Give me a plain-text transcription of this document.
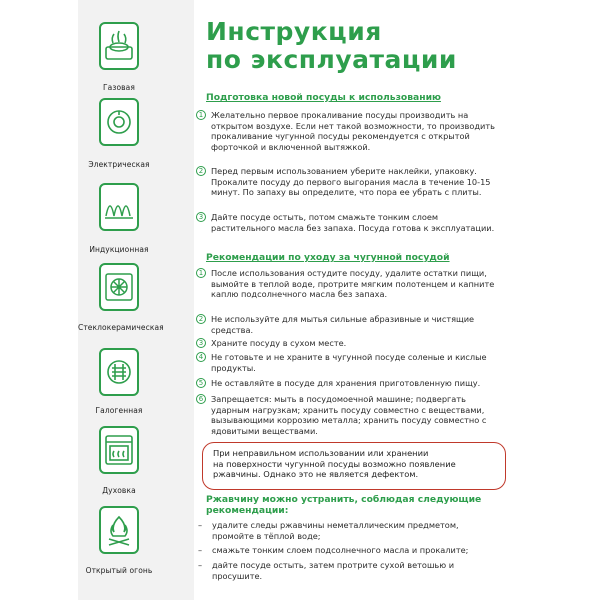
Газовая
Электрическая
Индукционная
Стеклокерамическая
Галогенная
Духовка
Открытый огонь
Инструкция
по эксплуатации
Подготовка новой посуды к использованию
1 Желательно первое прокаливание посуды производить на открытом воздухе. Если нет такой возможности, то производить прокаливание чугунной посуды рекомендуется с открытой форточкой и включенной вытяжкой.
2 Перед первым использованием уберите наклейки, упаковку. Прокалите посуду до первого выгорания масла в течение 10-15 минут. По запаху вы определите, что пора ее убрать с плиты.
3 Дайте посуде остыть, потом смажьте тонким слоем растительного масла без запаха. Посуда готова к эксплуатации.
Рекомендации по уходу за чугунной посудой
1 После использования остудите посуду, удалите остатки пищи, вымойте в теплой воде, протрите мягким полотенцем и капните каплю подсолнечного масла без запаха.
2 Не используйте для мытья сильные абразивные и чистящие средства.
3 Храните посуду в сухом месте.
4 Не готовьте и не храните в чугунной посуде соленые и кислые продукты.
5 Не оставляйте в посуде для хранения приготовленную пищу.
6 Запрещается: мыть в посудомоечной машине; подвергать ударным нагрузкам; хранить посуду совместно с веществами, вызывающими коррозию металла; хранить посуду совместно с ядовитыми веществами.
При неправильном использовании или хранении
на поверхности чугунной посуды возможно появление
ржавчины. Однако это не является дефектом.
Ржавчину можно устранить, соблюдая следующие
рекомендации:
– удалите следы ржавчины неметаллическим предметом, промойте в тёплой воде;
– смажьте тонким слоем подсолнечного масла и прокалите;
– дайте посуде остыть, затем протрите сухой ветошью и просушите.
